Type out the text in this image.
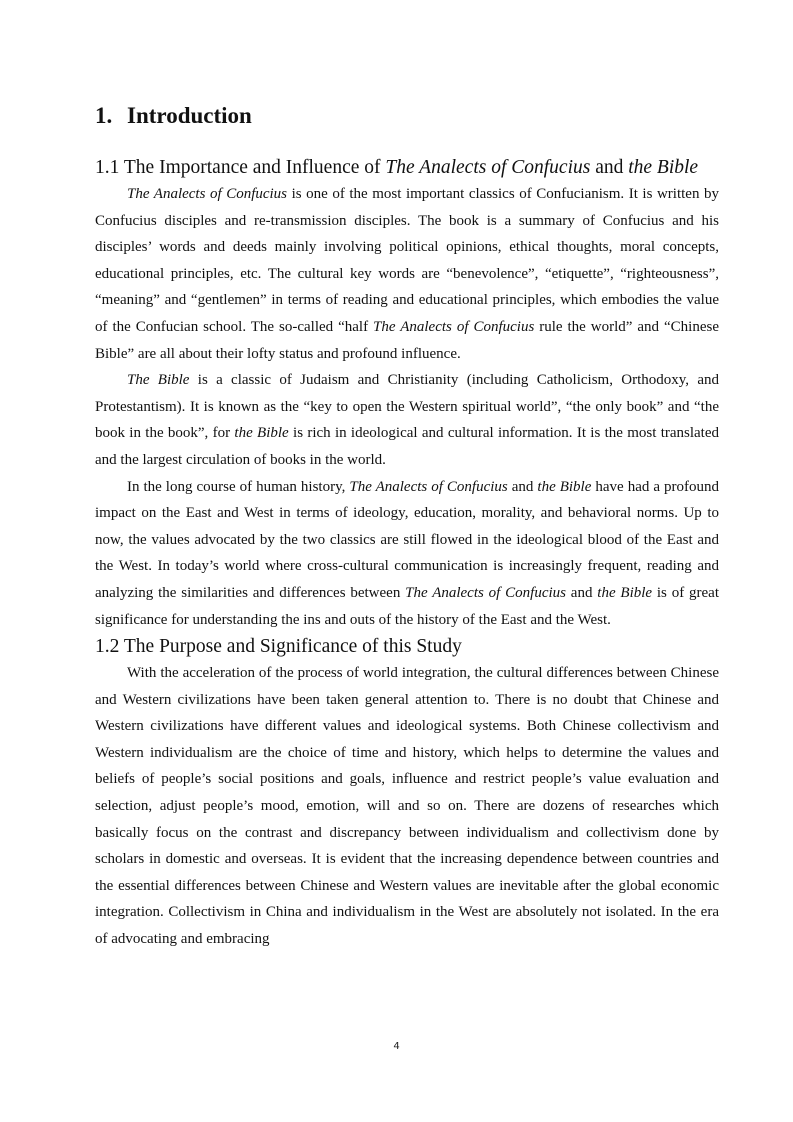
1. Introduction
1.1 The Importance and Influence of The Analects of Confucius and the Bible

The Analects of Confucius is one of the most important classics of Confucianism. It is written by Confucius disciples and re-transmission disciples. The book is a summary of Confucius and his disciples’ words and deeds mainly involving political opinions, ethical thoughts, moral concepts, educational principles, etc. The cultural key words are “benevolence”, “etiquette”, “righteousness”, “meaning” and “gentlemen” in terms of reading and educational principles, which embodies the value of the Confucian school. The so-called “half The Analects of Confucius rule the world” and “Chinese Bible” are all about their lofty status and profound influence.

The Bible is a classic of Judaism and Christianity (including Catholicism, Orthodoxy, and Protestantism). It is known as the “key to open the Western spiritual world”, “the only book” and “the book in the book”, for the Bible is rich in ideological and cultural information. It is the most translated and the largest circulation of books in the world.

In the long course of human history, The Analects of Confucius and the Bible have had a profound impact on the East and West in terms of ideology, education, morality, and behavioral norms. Up to now, the values advocated by the two classics are still flowed in the ideological blood of the East and the West. In today’s world where cross-cultural communication is increasingly frequent, reading and analyzing the similarities and differences between The Analects of Confucius and the Bible is of great significance for understanding the ins and outs of the history of the East and the West.

1.2 The Purpose and Significance of this Study

With the acceleration of the process of world integration, the cultural differences between Chinese and Western civilizations have been taken general attention to. There is no doubt that Chinese and Western civilizations have different values and ideological systems. Both Chinese collectivism and Western individualism are the choice of time and history, which helps to determine the values and beliefs of people’s social positions and goals, influence and restrict people’s value evaluation and selection, adjust people’s mood, emotion, will and so on. There are dozens of researches which basically focus on the contrast and discrepancy between individualism and collectivism done by scholars in domestic and overseas. It is evident that the increasing dependence between countries and the essential differences between Chinese and Western values are inevitable after the global economic integration. Collectivism in China and individualism in the West are absolutely not isolated. In the era of advocating and embracing

4
